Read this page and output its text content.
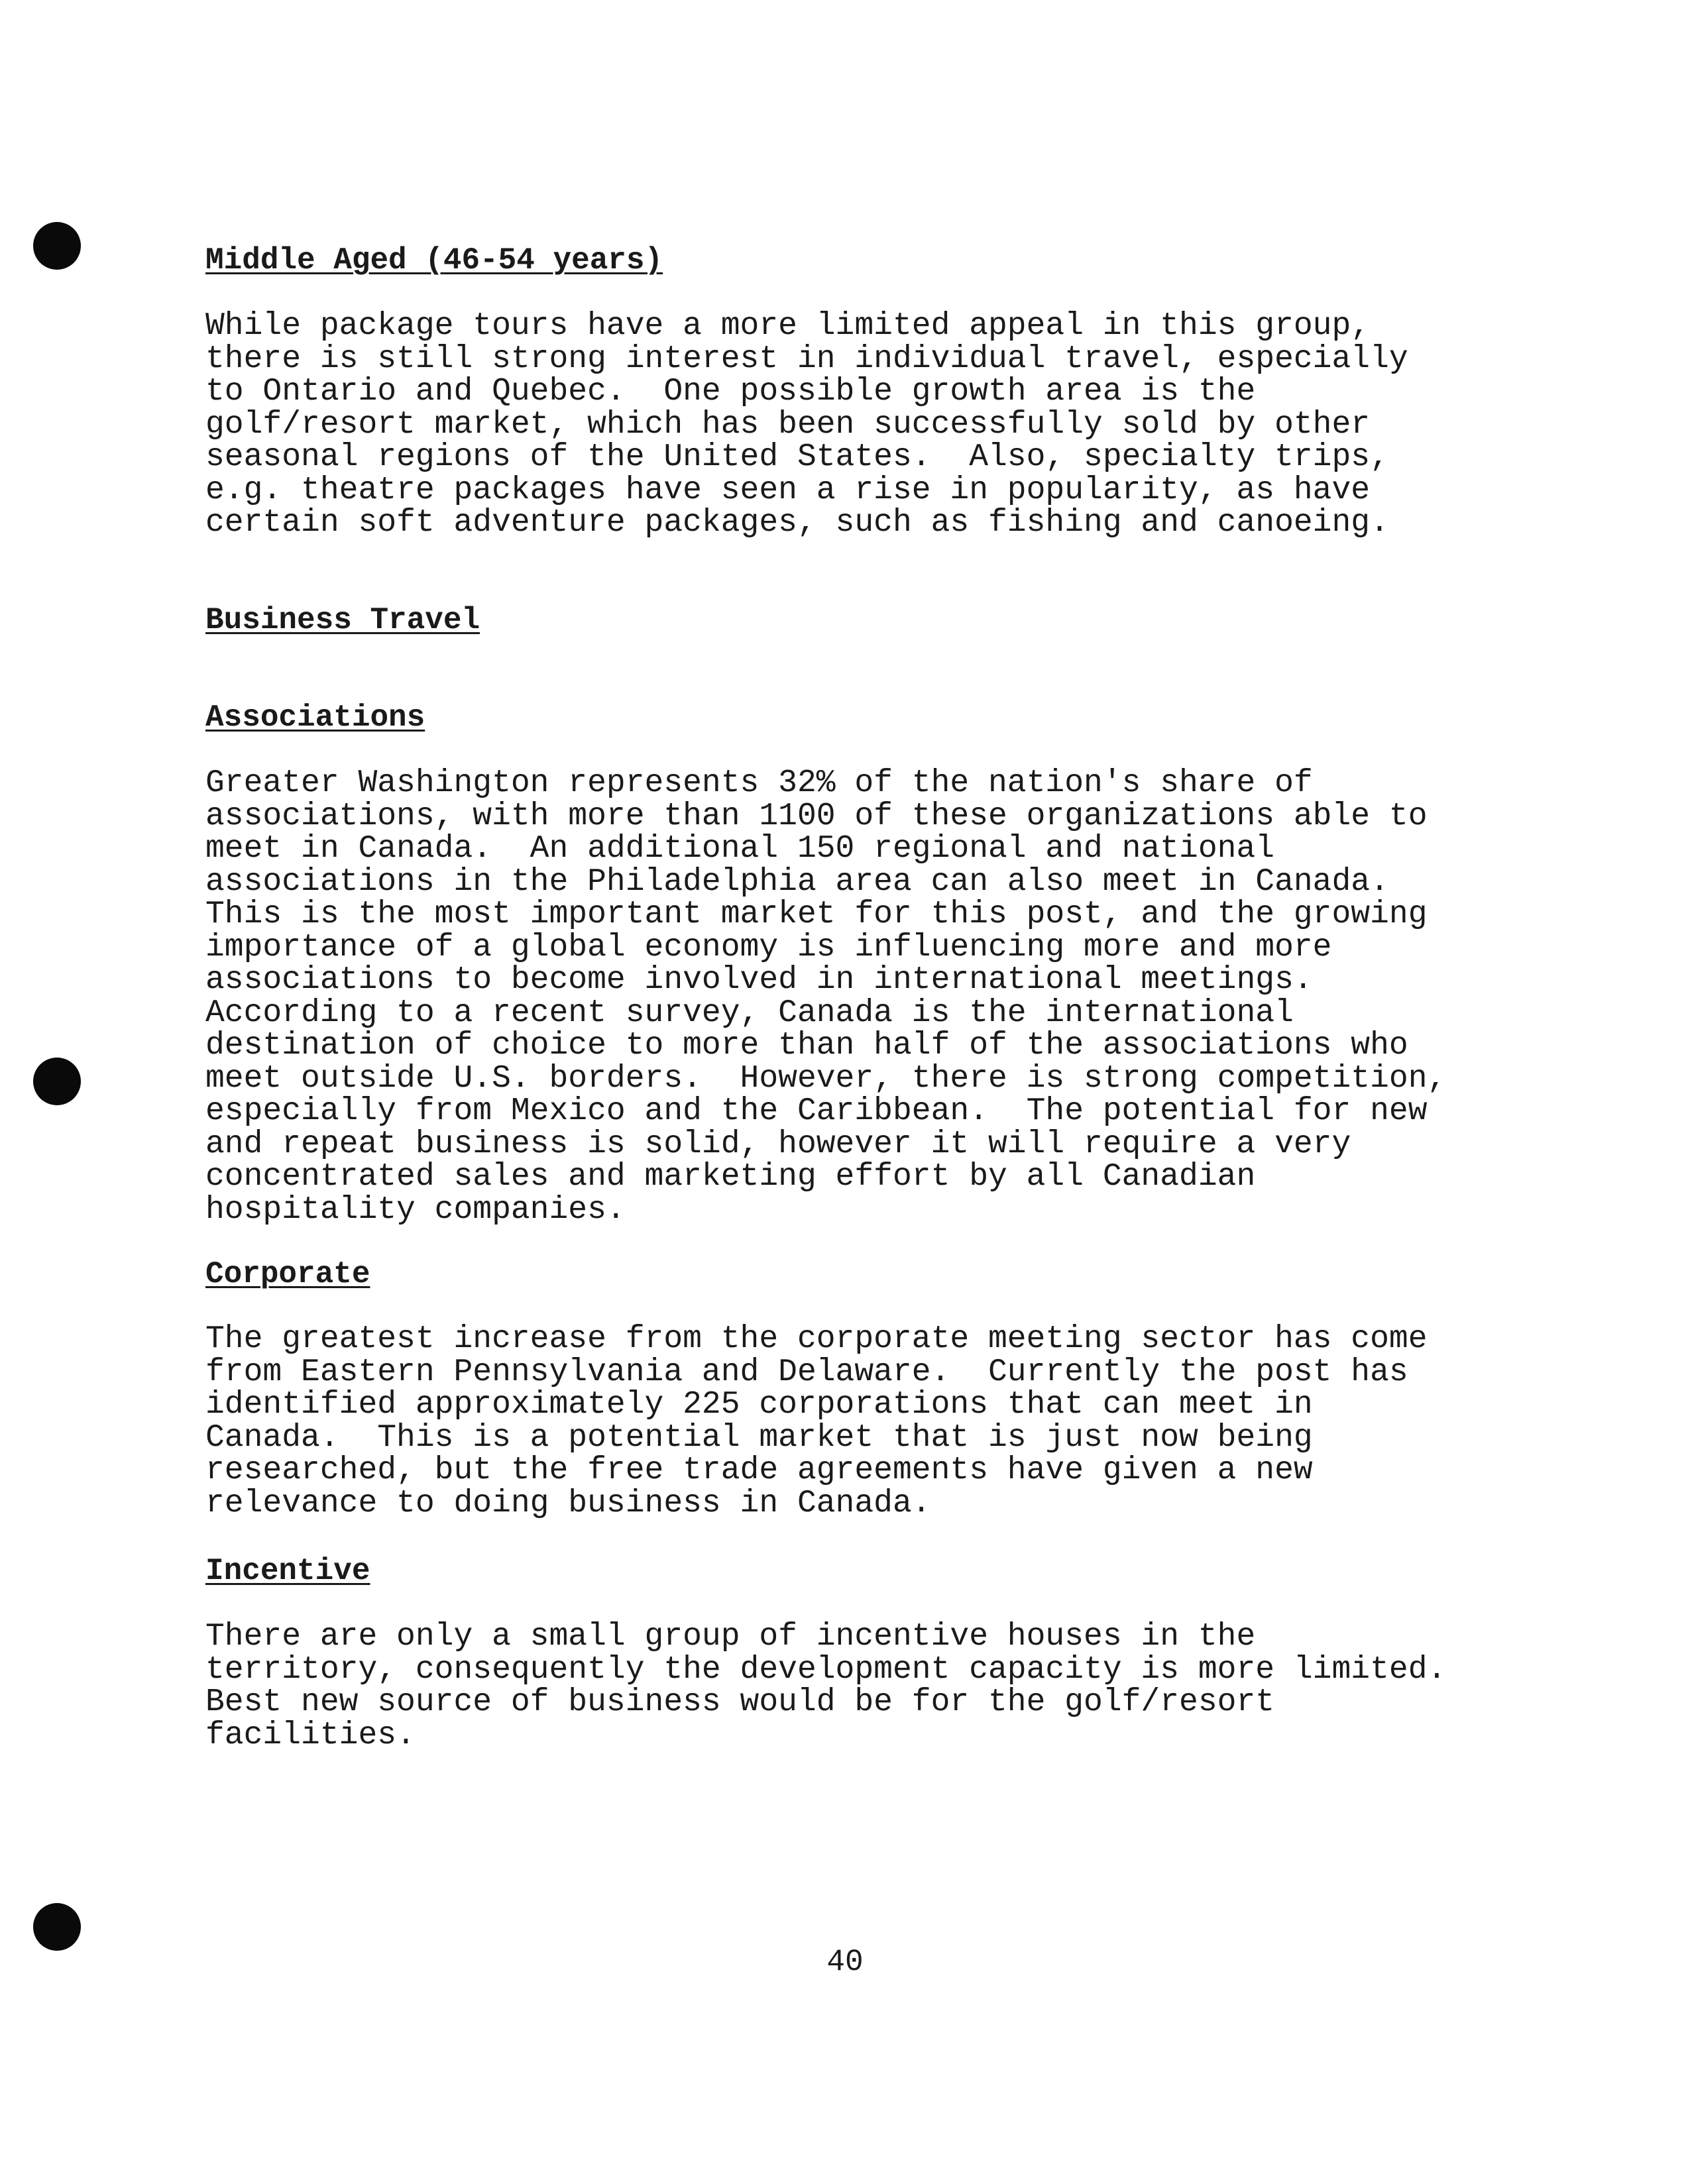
Middle Aged (46-54 years)

While package tours have a more limited appeal in this group,
there is still strong interest in individual travel, especially
to Ontario and Quebec.  One possible growth area is the
golf/resort market, which has been successfully sold by other
seasonal regions of the United States.  Also, specialty trips,
e.g. theatre packages have seen a rise in popularity, as have
certain soft adventure packages, such as fishing and canoeing.

Business Travel
Associations

Greater Washington represents 32% of the nation's share of
associations, with more than 1100 of these organizations able to
meet in Canada.  An additional 150 regional and national
associations in the Philadelphia area can also meet in Canada.
This is the most important market for this post, and the growing
importance of a global economy is influencing more and more
associations to become involved in international meetings.
According to a recent survey, Canada is the international
destination of choice to more than half of the associations who
meet outside U.S. borders.  However, there is strong competition,
especially from Mexico and the Caribbean.  The potential for new
and repeat business is solid, however it will require a very
concentrated sales and marketing effort by all Canadian
hospitality companies.

Corporate

The greatest increase from the corporate meeting sector has come
from Eastern Pennsylvania and Delaware.  Currently the post has
identified approximately 225 corporations that can meet in
Canada.  This is a potential market that is just now being
researched, but the free trade agreements have given a new
relevance to doing business in Canada.

Incentive

There are only a small group of incentive houses in the
territory, consequently the development capacity is more limited.
Best new source of business would be for the golf/resort
facilities.

40
